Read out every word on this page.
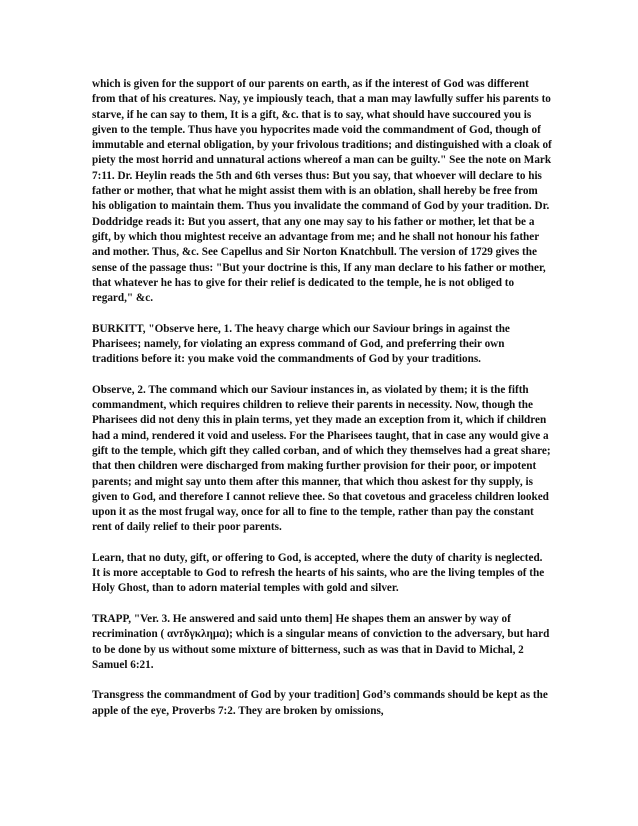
which is given for the support of our parents on earth, as if the interest of God was different from that of his creatures. Nay, ye impiously teach, that a man may lawfully suffer his parents to starve, if he can say to them, It is a gift, &c. that is to say, what should have succoured you is given to the temple. Thus have you hypocrites made void the commandment of God, though of immutable and eternal obligation, by your frivolous traditions; and distinguished with a cloak of piety the most horrid and unnatural actions whereof a man can be guilty." See the note on Mark 7:11. Dr. Heylin reads the 5th and 6th verses thus: But you say, that whoever will declare to his father or mother, that what he might assist them with is an oblation, shall hereby be free from his obligation to maintain them. Thus you invalidate the command of God by your tradition. Dr. Doddridge reads it: But you assert, that any one may say to his father or mother, let that be a gift, by which thou mightest receive an advantage from me; and he shall not honour his father and mother. Thus, &c. See Capellus and Sir Norton Knatchbull. The version of 1729 gives the sense of the passage thus: "But your doctrine is this, If any man declare to his father or mother, that whatever he has to give for their relief is dedicated to the temple, he is not obliged to regard," &c.

BURKITT, "Observe here, 1. The heavy charge which our Saviour brings in against the Pharisees; namely, for violating an express command of God, and preferring their own traditions before it: you make void the commandments of God by your traditions.

Observe, 2. The command which our Saviour instances in, as violated by them; it is the fifth commandment, which requires children to relieve their parents in necessity. Now, though the Pharisees did not deny this in plain terms, yet they made an exception from it, which if children had a mind, rendered it void and useless. For the Pharisees taught, that in case any would give a gift to the temple, which gift they called corban, and of which they themselves had a great share; that then children were discharged from making further provision for their poor, or impotent parents; and might say unto them after this manner, that which thou askest for thy supply, is given to God, and therefore I cannot relieve thee. So that covetous and graceless children looked upon it as the most frugal way, once for all to fine to the temple, rather than pay the constant rent of daily relief to their poor parents.

Learn, that no duty, gift, or offering to God, is accepted, where the duty of charity is neglected. It is more acceptable to God to refresh the hearts of his saints, who are the living temples of the Holy Ghost, than to adorn material temples with gold and silver.

TRAPP, "Ver. 3. He answered and said unto them] He shapes them an answer by way of recrimination ( ανтδγκλημα); which is a singular means of conviction to the adversary, but hard to be done by us without some mixture of bitterness, such as was that in David to Michal, 2 Samuel 6:21.

Transgress the commandment of God by your tradition] God’s commands should be kept as the apple of the eye, Proverbs 7:2. They are broken by omissions,
